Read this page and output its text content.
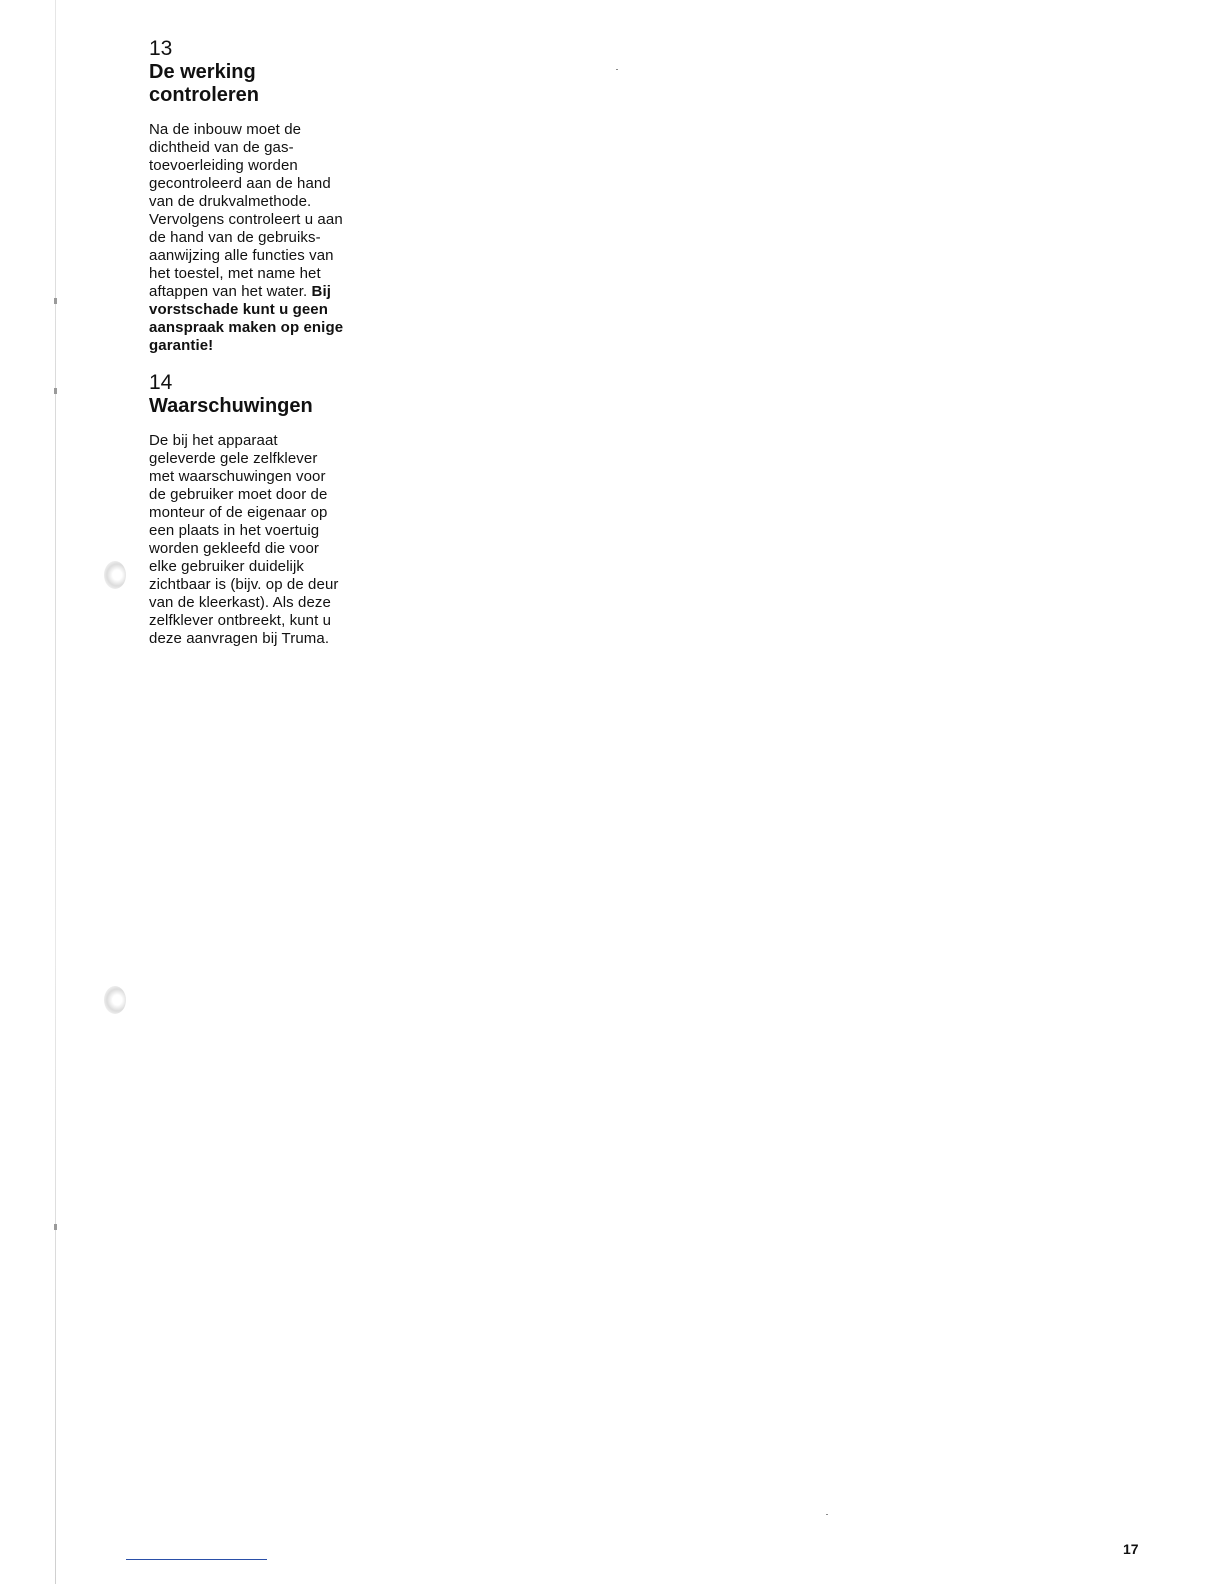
13
De werking
controleren
Na de inbouw moet de
dichtheid van de gas-
toevoerleiding worden
gecontroleerd aan de hand
van de drukvalmethode.
Vervolgens controleert u aan
de hand van de gebruiks-
aanwijzing alle functies van
het toestel, met name het
aftappen van het water. Bij
vorstschade kunt u geen
aanspraak maken op enige
garantie!
14
Waarschuwingen
De bij het apparaat
geleverde gele zelfklever
met waarschuwingen voor
de gebruiker moet door de
monteur of de eigenaar op
een plaats in het voertuig
worden gekleefd die voor
elke gebruiker duidelijk
zichtbaar is (bijv. op de deur
van de kleerkast). Als deze
zelfklever ontbreekt, kunt u
deze aanvragen bij Truma.
17
